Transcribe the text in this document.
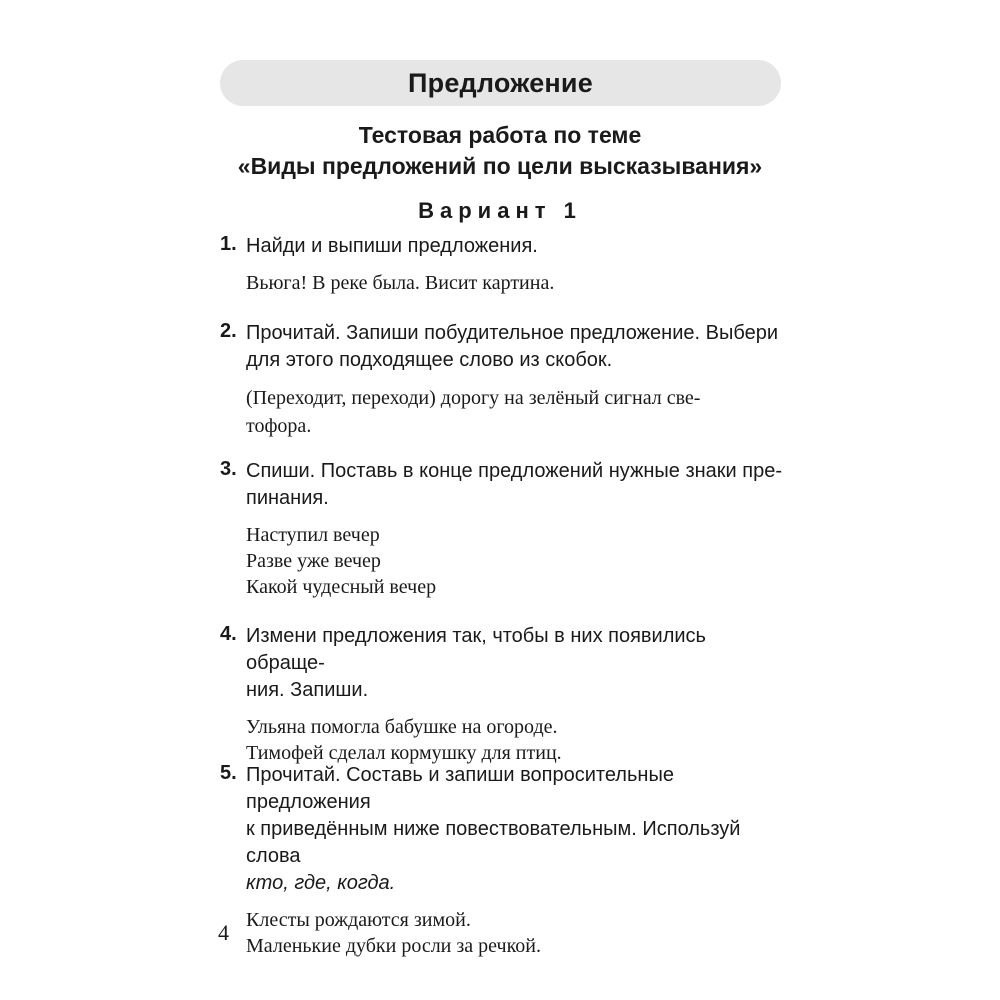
Предложение
Тестовая работа по теме
«Виды предложений по цели высказывания»
Вариант 1
1. Найди и выпиши предложения.
Вьюга! В реке была. Висит картина.
2. Прочитай. Запиши побудительное предложение. Выбери
для этого подходящее слово из скобок.
(Переходит, переходи) дорогу на зелёный сигнал све-
тофора.
3. Спиши. Поставь в конце предложений нужные знаки пре-
пинания.
Наступил вечер
Разве уже вечер
Какой чудесный вечер
4. Измени предложения так, чтобы в них появились обраще-
ния. Запиши.
Ульяна помогла бабушке на огороде.
Тимофей сделал кормушку для птиц.
5. Прочитай. Составь и запиши вопросительные предложения
к приведённым ниже повествовательным. Используй слова
кто, где, когда.
Клесты рождаются зимой.
Маленькие дубки росли за речкой.
4
